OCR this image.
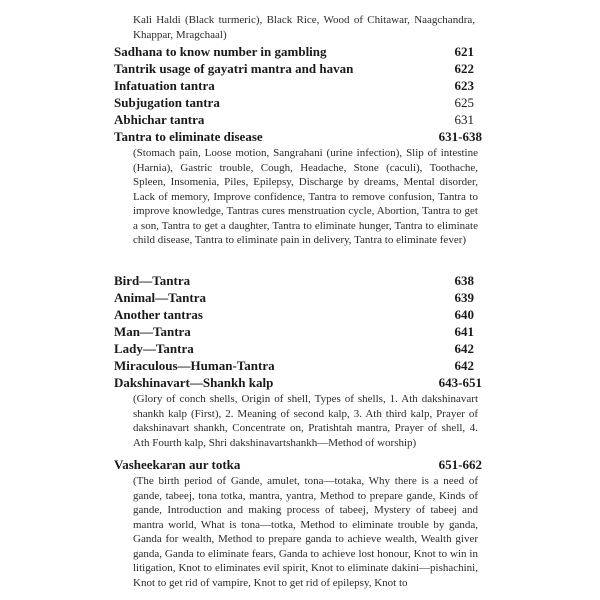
Kali Haldi (Black turmeric), Black Rice, Wood of Chitawar, Naagchandra, Khappar, Mragchaal)
Sadhana to know number in gambling	621
Tantrik usage of gayatri mantra and havan	622
Infatuation tantra	623
Subjugation tantra	625
Abhichar tantra	631
Tantra to eliminate disease	631-638
(Stomach pain, Loose motion, Sangrahani (urine infection), Slip of intestine (Harnia), Gastric trouble, Cough, Headache, Stone (caculi), Toothache, Spleen, Insomenia, Piles, Epilepsy, Discharge by dreams, Mental disorder, Lack of memory, Improve confidence, Tantra to remove confusion, Tantra to improve knowledge, Tantras cures menstruation cycle, Abortion, Tantra to get a son, Tantra to get a daughter, Tantra to eliminate hunger, Tantra to eliminate child disease, Tantra to eliminate pain in delivery, Tantra to eliminate fever)
Bird—Tantra	638
Animal—Tantra	639
Another tantras	640
Man—Tantra	641
Lady—Tantra	642
Miraculous—Human-Tantra	642
Dakshinavart—Shankh kalp	643-651
(Glory of conch shells, Origin of shell, Types of shells, 1. Ath dakshinavart shankh kalp (First), 2. Meaning of second kalp, 3. Ath third kalp, Prayer of dakshinavart shankh, Concentrate on, Pratishtah mantra, Prayer of shell, 4. Ath Fourth kalp, Shri dakshinavartshankh—Method of worship)
Vasheekaran aur totka	651-662
(The birth period of Gande, amulet, tona—totaka, Why there is a need of gande, tabeej, tona totka, mantra, yantra, Method to prepare gande, Kinds of gande, Introduction and making process of tabeej, Mystery of tabeej and mantra world, What is tona—totka, Method to eliminate trouble by ganda, Ganda for wealth, Method to prepare ganda to achieve wealth, Wealth giver ganda, Ganda to eliminate fears, Ganda to achieve lost honour, Knot to win in litigation, Knot to eliminates evil spirit, Knot to eliminate dakini—pishachini, Knot to get rid of vampire, Knot to get rid of epilepsy, Knot to
